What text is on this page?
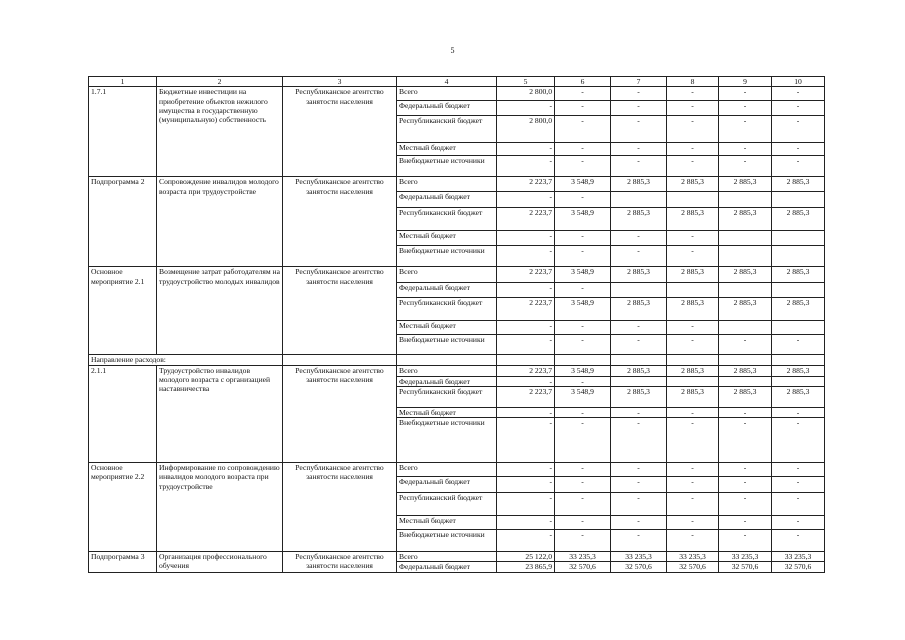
5
1	2	3	4	5	6	7	8	9	10
1.7.1	Бюджетные инвестиции на приобретение объектов нежилого имущества в государственную (муниципальную) собственность	Республиканское агентство занятости населения	Всего	2 800,0	-	-	-	-	-
			Федеральный бюджет	-	-	-	-	-	-
			Республиканский бюджет	2 800,0	-	-	-	-	-
			Местный бюджет	-	-	-	-	-	-
			Внебюджетные источники	-	-	-	-	-	-
Подпрограмма 2	Сопровождение инвалидов молодого возраста при трудоустройстве	Республиканское агентство занятости населения	Всего	2 223,7	3 548,9	2 885,3	2 885,3	2 885,3	2 885,3
			Федеральный бюджет	-	-				
			Республиканский бюджет	2 223,7	3 548,9	2 885,3	2 885,3	2 885,3	2 885,3
			Местный бюджет	-	-	-	-		
			Внебюджетные источники	-	-	-	-		
Основное мероприятие 2.1	Возмещение затрат работодателям на трудоустройство молодых инвалидов	Республиканское агентство занятости населения	Всего	2 223,7	3 548,9	2 885,3	2 885,3	2 885,3	2 885,3
			Федеральный бюджет	-	-				
			Республиканский бюджет	2 223,7	3 548,9	2 885,3	2 885,3	2 885,3	2 885,3
			Местный бюджет	-	-	-	-		
			Внебюджетные источники	-	-	-	-	-	-
Направление расходов:									
2.1.1	Трудоустройство инвалидов молодого возраста с организацией наставничества	Республиканское агентство занятости населения	Всего	2 223,7	3 548,9	2 885,3	2 885,3	2 885,3	2 885,3
			Федеральный бюджет	-	-				
			Республиканский бюджет	2 223,7	3 548,9	2 885,3	2 885,3	2 885,3	2 885,3
			Местный бюджет	-	-	-	-	-	-
			Внебюджетные источники	-	-	-	-	-	-
Основное мероприятие 2.2	Информирование по сопровождению инвалидов молодого возраста при трудоустройстве	Республиканское агентство занятости населения	Всего	-	-	-	-	-	-
			Федеральный бюджет	-	-	-	-	-	-
			Республиканский бюджет	-	-	-	-	-	-
			Местный бюджет	-	-	-	-	-	-
			Внебюджетные источники	-	-	-	-	-	-
Подпрограмма 3	Организация профессионального обучения	Республиканское агентство занятости населения	Всего	25 122,0	33 235,3	33 235,3	33 235,3	33 235,3	33 235,3
			Федеральный бюджет	23 865,9	32 570,6	32 570,6	32 570,6	32 570,6	32 570,6
